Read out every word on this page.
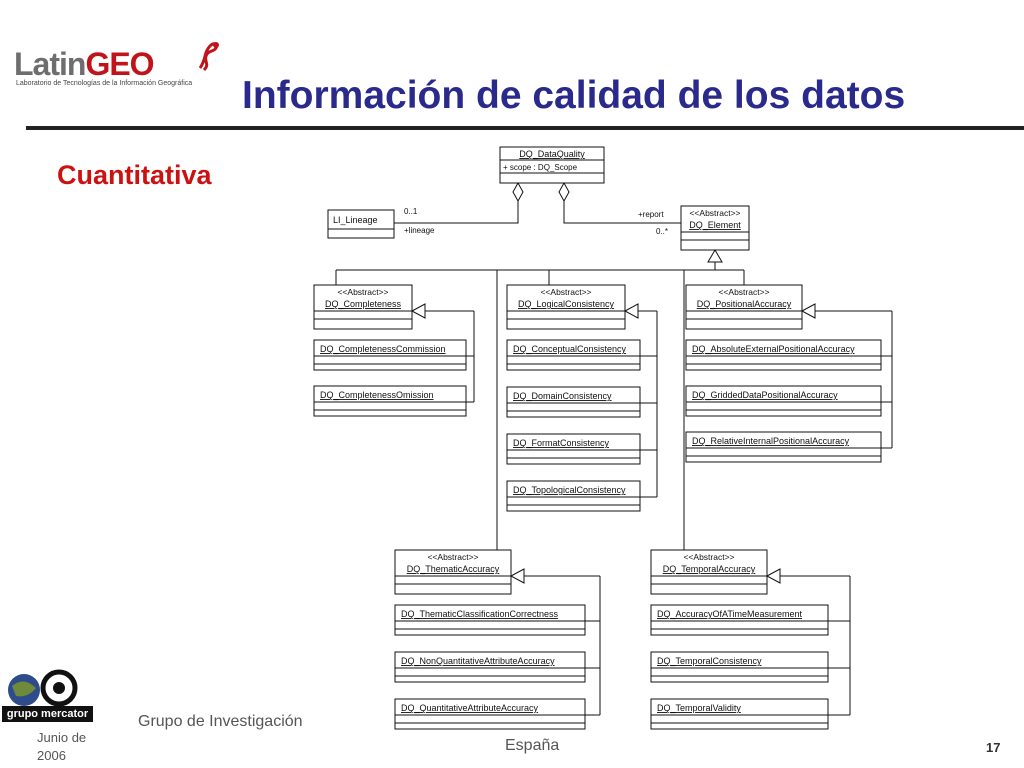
LatinGEO
Laboratorio de Tecnologías de la Información Geográfica Información de calidad de los datos
Cuantitativa
DQ_DataQuality
+ scope : DQ_Scope
LI_Lineage
<<Abstract>>
DQ_Element
0..1
+lineage
+report
0..*
<<Abstract>>
DQ_Completeness
DQ_CompletenessCommission
DQ_CompletenessOmission
<<Abstract>>
DQ_LogicalConsistency
DQ_ConceptualConsistency
DQ_DomainConsistency
DQ_FormatConsistency
DQ_TopologicalConsistency
<<Abstract>>
DQ_PositionalAccuracy
DQ_AbsoluteExternalPositionalAccuracy
DQ_GriddedDataPositionalAccuracy
DQ_RelativeInternalPositionalAccuracy
<<Abstract>>
DQ_ThematicAccuracy
DQ_ThematicClassificationCorrectness
DQ_NonQuantitativeAttributeAccuracy
DQ_QuantitativeAttributeAccuracy
<<Abstract>>
DQ_TemporalAccuracy
DQ_AccuracyOfATimeMeasurement
DQ_TemporalConsistency
DQ_TemporalValidity
grupo mercator	Grupo de Investigación
Junio de 2006
España	17
